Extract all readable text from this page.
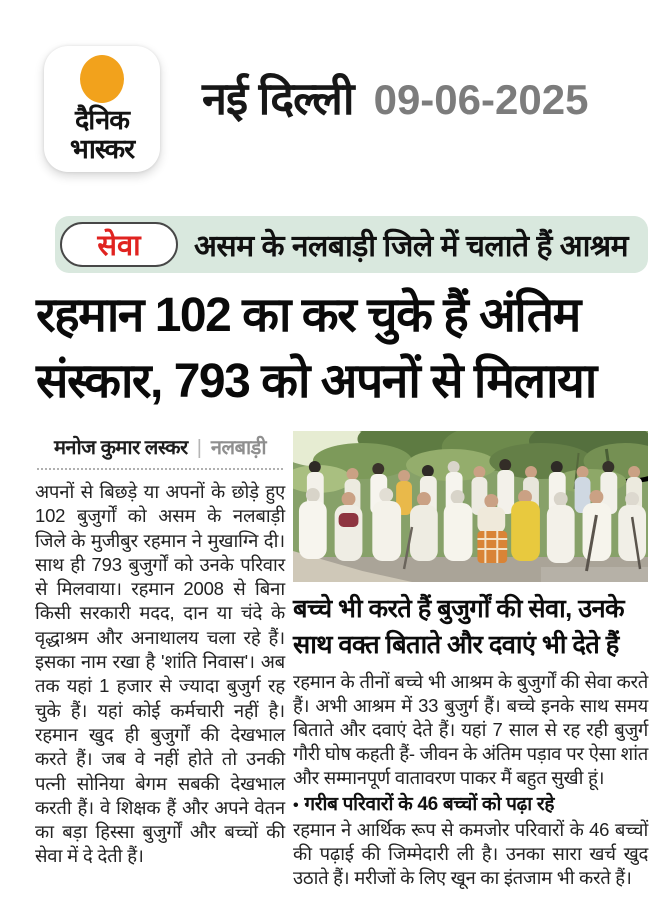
दैनिक
भास्कर
नई दिल्ली 09-06-2025
सेवा असम के नलबाड़ी जिले में चलाते हैं आश्रम
रहमान 102 का कर चुके हैं अंतिम
संस्कार, 793 को अपनों से मिलाया
मनोज कुमार लस्कर | नलबाड़ी
अपनों से बिछड़े या अपनों के छोड़े हुए 102 बुजुर्गों को असम के नलबाड़ी जिले के मुजीबुर रहमान ने मुखाग्नि दी। साथ ही 793 बुजुर्गों को उनके परिवार से मिलवाया। रहमान 2008 से बिना किसी सरकारी मदद, दान या चंदे के वृद्धाश्रम और अनाथालय चला रहे हैं। इसका नाम रखा है 'शांति निवास'। अब तक यहां 1 हजार से ज्यादा बुजुर्ग रह चुके हैं। यहां कोई कर्मचारी नहीं है। रहमान खुद ही बुजुर्गों की देखभाल करते हैं। जब वे नहीं होते तो उनकी पत्नी सोनिया बेगम सबकी देखभाल करती हैं। वे शिक्षक हैं और अपने वेतन का बड़ा हिस्सा बुजुर्गों और बच्चों की सेवा में दे देती हैं।
बच्चे भी करते हैं बुजुर्गों की सेवा, उनके साथ वक्त बिताते और दवाएं भी देते हैं
रहमान के तीनों बच्चे भी आश्रम के बुजुर्गों की सेवा करते हैं। अभी आश्रम में 33 बुजुर्ग हैं। बच्चे इनके साथ समय बिताते और दवाएं देते हैं। यहां 7 साल से रह रही बुजुर्ग गौरी घोष कहती हैं- जीवन के अंतिम पड़ाव पर ऐसा शांत और सम्मानपूर्ण वातावरण पाकर मैं बहुत सुखी हूं।
• गरीब परिवारों के 46 बच्चों को पढ़ा रहे
रहमान ने आर्थिक रूप से कमजोर परिवारों के 46 बच्चों की पढ़ाई की जिम्मेदारी ली है। उनका सारा खर्च खुद उठाते हैं। मरीजों के लिए खून का इंतजाम भी करते हैं।
